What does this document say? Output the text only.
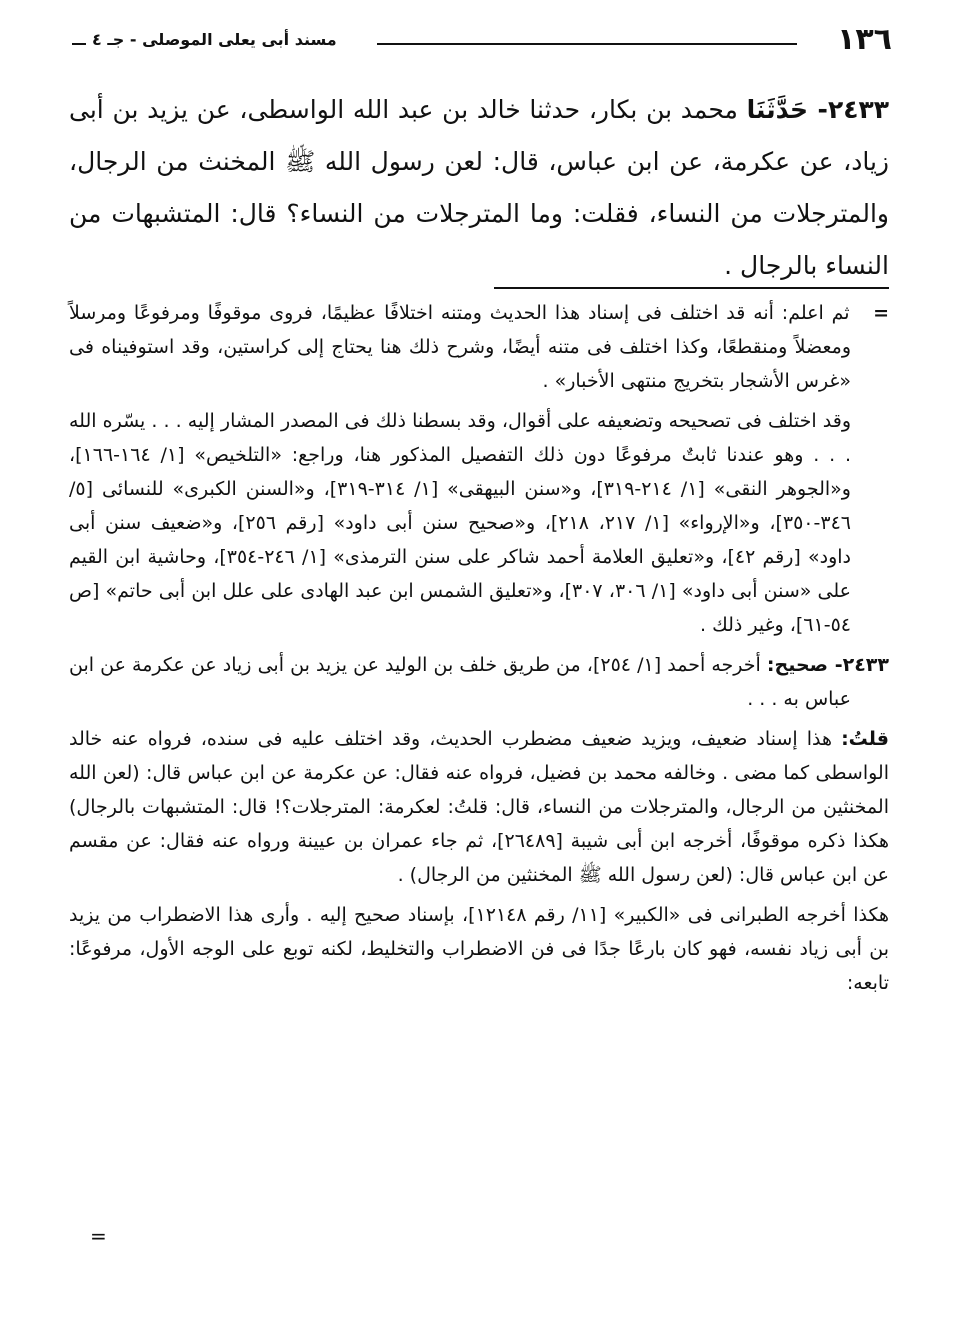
١٣٦
مسند أبى يعلى الموصلى - جـ ٤

٢٤٣٣- حَدَّثَنَا محمد بن بكار، حدثنا خالد بن عبد الله الواسطى، عن يزيد بن أبى زياد، عن عكرمة، عن ابن عباس، قال: لعن رسول الله ﷺ المخنث من الرجال، والمترجلات من النساء، فقلت: وما المترجلات من النساء؟ قال: المتشبهات من النساء بالرجال .

=   ثم اعلم: أنه قد اختلف فى إسناد هذا الحديث ومتنه اختلافًا عظيمًا، فروى موقوفًا ومرفوعًا ومرسلاً ومعضلاً ومنقطعًا، وكذا اختلف فى متنه أيضًا، وشرح ذلك هنا يحتاج إلى كراستين، وقد استوفيناه فى «غرس الأشجار بتخريج منتهى الأخبار» .

وقد اختلف فى تصحيحه وتضعيفه على أقوال، وقد بسطنا ذلك فى المصدر المشار إليه . . . يسّره الله . . . وهو عندنا ثابتٌ مرفوعًا دون ذلك التفصيل المذكور هنا، وراجع: «التلخيص» [١/ ١٦٤-١٦٦]، و«الجوهر النقى» [١/ ٢١٤-٣١٩]، و«سنن البيهقى» [١/ ٣١٤-٣١٩]، و«السنن الكبرى» للنسائى [٥/ ٣٤٦-٣٥٠]، و«الإرواء» [١/ ٢١٧، ٢١٨]، و«صحيح سنن أبى داود» [رقم ٢٥٦]، و«ضعيف سنن أبى داود» [رقم ٤٢]، و«تعليق العلامة أحمد شاكر على سنن الترمذى» [١/ ٢٤٦-٣٥٤]، وحاشية ابن القيم على «سنن أبى داود» [١/ ٣٠٦، ٣٠٧]، و«تعليق الشمس ابن عبد الهادى على علل ابن أبى حاتم» [ص ٥٤-٦١]، وغير ذلك .

٢٤٣٣- صحيح: أخرجه أحمد [١/ ٢٥٤]، من طريق خلف بن الوليد عن يزيد بن أبى زياد عن عكرمة عن ابن عباس به . . .

قلتُ: هذا إسناد ضعيف، ويزيد ضعيف مضطرب الحديث، وقد اختلف عليه فى سنده، فرواه عنه خالد الواسطى كما مضى . وخالفه محمد بن فضيل، فرواه عنه فقال: عن عكرمة عن ابن عباس قال: (لعن الله المخنثين من الرجال، والمترجلات من النساء، قال: قلتُ: لعكرمة: المترجلات؟! قال: المتشبهات بالرجال) هكذا ذكره موقوفًا، أخرجه ابن أبى شيبة [٢٦٤٨٩]، ثم جاء عمران بن عيينة ورواه عنه فقال: عن مقسم عن ابن عباس قال: (لعن رسول الله ﷺ المخنثين من الرجال) .

هكذا أخرجه الطبرانى فى «الكبير» [١١/ رقم ١٢١٤٨]، بإسناد صحيح إليه . وأرى هذا الاضطراب من يزيد بن أبى زياد نفسه، فهو كان بارعًا جدًا فى فن الاضطراب والتخليط، لكنه توبع على الوجه الأول، مرفوعًا: تابعه:

=
